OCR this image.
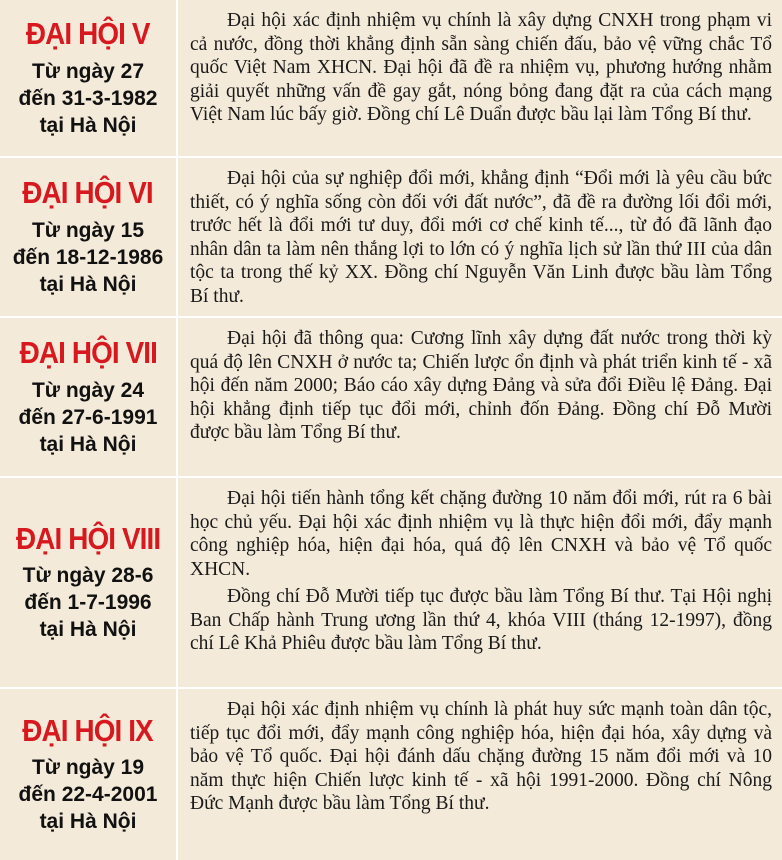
ĐẠI HỘI V
Từ ngày 27
đến 31-3-1982
tại Hà Nội

Đại hội xác định nhiệm vụ chính là xây dựng CNXH trong phạm vi cả nước, đồng thời khẳng định sẵn sàng chiến đấu, bảo vệ vững chắc Tổ quốc Việt Nam XHCN. Đại hội đã đề ra nhiệm vụ, phương hướng nhằm giải quyết những vấn đề gay gắt, nóng bỏng đang đặt ra của cách mạng Việt Nam lúc bấy giờ. Đồng chí Lê Duẩn được bầu lại làm Tổng Bí thư.

ĐẠI HỘI VI
Từ ngày 15
đến 18-12-1986
tại Hà Nội

Đại hội của sự nghiệp đổi mới, khẳng định “Đổi mới là yêu cầu bức thiết, có ý nghĩa sống còn đối với đất nước”, đã đề ra đường lối đổi mới, trước hết là đổi mới tư duy, đổi mới cơ chế kinh tế..., từ đó đã lãnh đạo nhân dân ta làm nên thắng lợi to lớn có ý nghĩa lịch sử lần thứ III của dân tộc ta trong thế kỷ XX. Đồng chí Nguyễn Văn Linh được bầu làm Tổng Bí thư.

ĐẠI HỘI VII
Từ ngày 24
đến 27-6-1991
tại Hà Nội

Đại hội đã thông qua: Cương lĩnh xây dựng đất nước trong thời kỳ quá độ lên CNXH ở nước ta; Chiến lược ổn định và phát triển kinh tế - xã hội đến năm 2000; Báo cáo xây dựng Đảng và sửa đổi Điều lệ Đảng. Đại hội khẳng định tiếp tục đổi mới, chỉnh đốn Đảng. Đồng chí Đỗ Mười được bầu làm Tổng Bí thư.

ĐẠI HỘI VIII
Từ ngày 28-6
đến 1-7-1996
tại Hà Nội

Đại hội tiến hành tổng kết chặng đường 10 năm đổi mới, rút ra 6 bài học chủ yếu. Đại hội xác định nhiệm vụ là thực hiện đổi mới, đẩy mạnh công nghiệp hóa, hiện đại hóa, quá độ lên CNXH và bảo vệ Tổ quốc XHCN.

Đồng chí Đỗ Mười tiếp tục được bầu làm Tổng Bí thư. Tại Hội nghị Ban Chấp hành Trung ương lần thứ 4, khóa VIII (tháng 12-1997), đồng chí Lê Khả Phiêu được bầu làm Tổng Bí thư.

ĐẠI HỘI IX
Từ ngày 19
đến 22-4-2001
tại Hà Nội

Đại hội xác định nhiệm vụ chính là phát huy sức mạnh toàn dân tộc, tiếp tục đổi mới, đẩy mạnh công nghiệp hóa, hiện đại hóa, xây dựng và bảo vệ Tổ quốc. Đại hội đánh dấu chặng đường 15 năm đổi mới và 10 năm thực hiện Chiến lược kinh tế - xã hội 1991-2000. Đồng chí Nông Đức Mạnh được bầu làm Tổng Bí thư.
